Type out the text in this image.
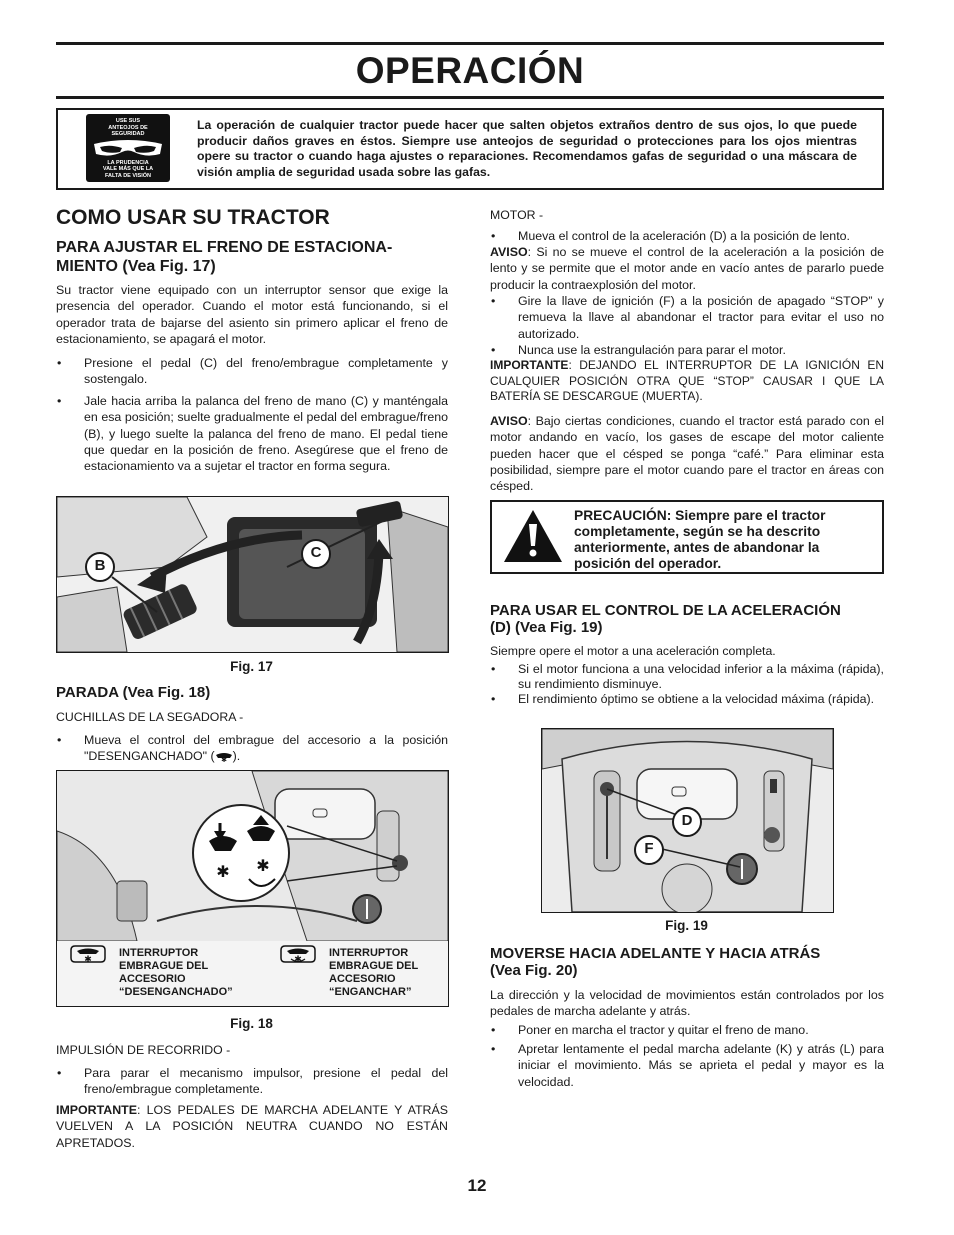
OPERACIÓN
USE SUS
ANTEOJOS DE
SEGURIDAD
LA PRUDENCIA
VALE MÁS QUE LA
FALTA DE VISIÓN
La operación de cualquier tractor puede hacer que salten objetos extraños dentro de sus ojos, lo que puede producir daños graves en éstos. Siempre use anteojos de seguridad o protecciones para los ojos mientras opere su tractor o cuando haga ajustes o reparaciones. Recomendamos gafas de seguridad o una máscara de visión amplia de seguridad usada sobre las gafas.
COMO USAR SU TRACTOR
PARA AJUSTAR EL FRENO DE ESTACIONA-
MIENTO (Vea Fig. 17)
Su tractor viene equipado con un interruptor sensor que exige la presencia del operador. Cuando el motor está funcionando, si el operador trata de bajarse del asiento sin primero aplicar el freno de estacionamiento, se apagará el motor.
• Presione el pedal (C) del freno/embrague completamente y sostengalo.
• Jale hacia arriba la palanca del freno de mano (C) y manténgala en esa posición; suelte gradualmente el pedal del embrague/freno (B), y luego suelte la palanca del freno de mano. El pedal tiene que quedar en la posición de freno. Asegúrese que el freno de estacionamiento va a sujetar el tractor en forma segura.
B
C
Fig. 17
PARADA (Vea Fig. 18)
CUCHILLAS DE LA SEGADORA -
• Mueva el control del embrague del accesorio a la posición "DESENGANCHADO" ( ✱ ).
✱ ✱
✱
INTERRUPTOR
EMBRAGUE DEL
ACCESORIO
“DESENGANCHADO”
✱
INTERRUPTOR
EMBRAGUE DEL
ACCESORIO
“ENGANCHAR”
Fig. 18
IMPULSIÓN DE RECORRIDO -
• Para parar el mecanismo impulsor, presione el pedal del freno/embrague completamente.
IMPORTANTE: LOS PEDALES DE MARCHA ADELANTE Y ATRÁS VUELVEN A LA POSICIÓN NEUTRA CUANDO NO ESTÁN APRETADOS.
MOTOR -
• Mueva el control de la aceleración (D) a la posición de lento.
AVISO: Si no se mueve el control de la aceleración a la posición de lento y se permite que el motor ande en vacío antes de pararlo puede producir la contraexplosión del motor.
• Gire la llave de ignición (F) a la posición de apagado “STOP” y remueva la llave al abandonar el tractor para evitar el uso no autorizado.
• Nunca use la estrangulación para parar el motor.
IMPORTANTE: DEJANDO EL INTERRUPTOR DE LA IGNICIÓN EN CUALQUIER POSICIÓN OTRA QUE “STOP” CAUSAR I QUE LA BATERÍA SE DESCARGUE (MUERTA).
AVISO: Bajo ciertas condiciones, cuando el tractor está parado con el motor andando en vacío, los gases de escape del motor caliente pueden hacer que el césped se ponga “café.” Para eliminar esta posibilidad, siempre pare el motor cuando pare el tractor en áreas con césped.
PRECAUCIÓN: Siempre pare el tractor completamente, según se ha descrito anteriormente, antes de abandonar la posición del operador.
PARA USAR EL CONTROL DE LA ACELERACIÓN
(D) (Vea Fig. 19)
Siempre opere el motor a una aceleración completa.
• Si el motor funciona a una velocidad inferior a la máxima (rápida), su rendimiento disminuye.
• El rendimiento óptimo se obtiene a la velocidad máxima (rápida).
D
F
Fig. 19
MOVERSE HACIA ADELANTE Y HACIA ATRÁS
(Vea Fig. 20)
La dirección y la velocidad de movimientos están controlados por los pedales de marcha adelante y atrás.
• Poner en marcha el tractor y quitar el freno de mano.
• Apretar lentamente el pedal marcha adelante (K) y atrás (L) para iniciar el movimiento. Más se aprieta el pedal y mayor es la velocidad.
12
